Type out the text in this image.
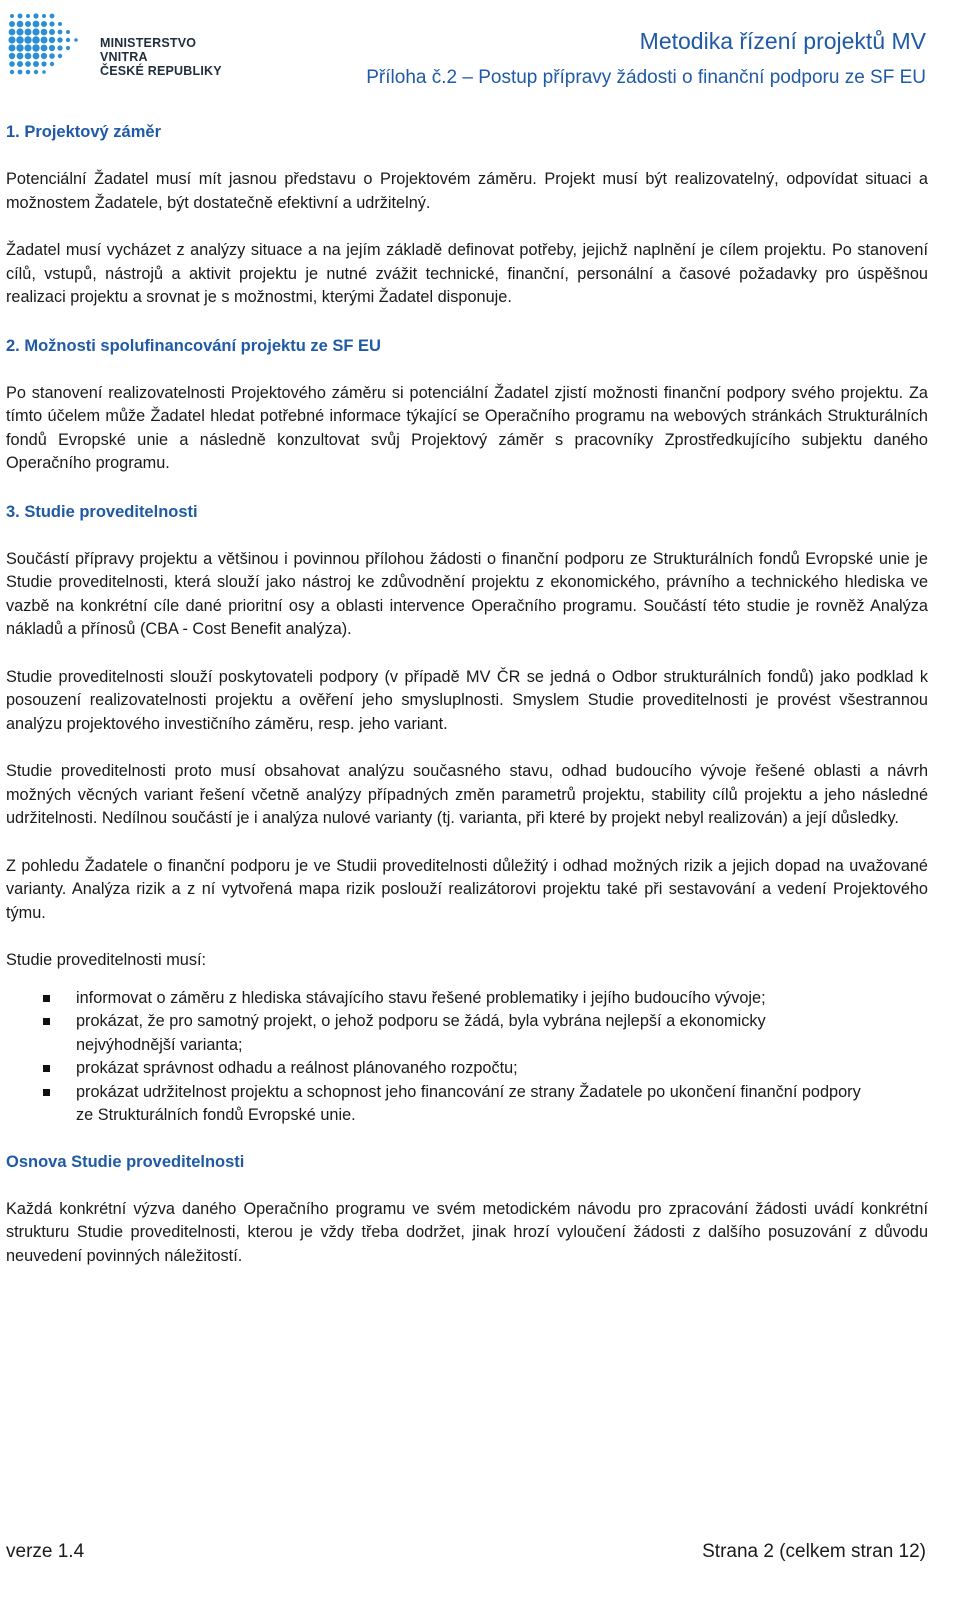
MINISTERSTVO VNITRA
ČESKÉ REPUBLIKY
Metodika řízení projektů MV
Příloha č.2 – Postup přípravy žádosti o finanční podporu ze SF EU
1. Projektový záměr

Potenciální Žadatel musí mít jasnou představu o Projektovém záměru. Projekt musí být realizovatelný, odpovídat situaci a možnostem Žadatele, být dostatečně efektivní a udržitelný.

Žadatel musí vycházet z analýzy situace a na jejím základě definovat potřeby, jejichž naplnění je cílem projektu. Po stanovení cílů, vstupů, nástrojů a aktivit projektu je nutné zvážit technické, finanční, personální a časové požadavky pro úspěšnou realizaci projektu a srovnat je s možnostmi, kterými Žadatel disponuje.

2. Možnosti spolufinancování projektu ze SF EU

Po stanovení realizovatelnosti Projektového záměru si potenciální Žadatel zjistí možnosti finanční podpory svého projektu. Za tímto účelem může Žadatel hledat potřebné informace týkající se Operačního programu na webových stránkách Strukturálních fondů Evropské unie a následně konzultovat svůj Projektový záměr s pracovníky Zprostředkujícího subjektu daného Operačního programu.

3. Studie proveditelnosti

Součástí přípravy projektu a většinou i povinnou přílohou žádosti o finanční podporu ze Strukturálních fondů Evropské unie je Studie proveditelnosti, která slouží jako nástroj ke zdůvodnění projektu z ekonomického, právního a technického hlediska ve vazbě na konkrétní cíle dané prioritní osy a oblasti intervence Operačního programu. Součástí této studie je rovněž Analýza nákladů a přínosů (CBA - Cost Benefit analýza).

Studie proveditelnosti slouží poskytovateli podpory (v případě MV ČR se jedná o Odbor strukturálních fondů) jako podklad k posouzení realizovatelnosti projektu a ověření jeho smysluplnosti. Smyslem Studie proveditelnosti je provést všestrannou analýzu projektového investičního záměru, resp. jeho variant.

Studie proveditelnosti proto musí obsahovat analýzu současného stavu, odhad budoucího vývoje řešené oblasti a návrh možných věcných variant řešení včetně analýzy případných změn parametrů projektu, stability cílů projektu a jeho následné udržitelnosti. Nedílnou součástí je i analýza nulové varianty (tj. varianta, při které by projekt nebyl realizován) a její důsledky.

Z pohledu Žadatele o finanční podporu je ve Studii proveditelnosti důležitý i odhad možných rizik a jejich dopad na uvažované varianty. Analýza rizik a z ní vytvořená mapa rizik poslouží realizátorovi projektu také při sestavování a vedení Projektového týmu.

Studie proveditelnosti musí:

informovat o záměru z hlediska stávajícího stavu řešené problematiky i jejího budoucího vývoje;
prokázat, že pro samotný projekt, o jehož podporu se žádá, byla vybrána nejlepší a ekonomicky nejvýhodnější varianta;
prokázat správnost odhadu a reálnost plánovaného rozpočtu;
prokázat udržitelnost projektu a schopnost jeho financování ze strany Žadatele po ukončení finanční podpory ze Strukturálních fondů Evropské unie.
Osnova Studie proveditelnosti

Každá konkrétní výzva daného Operačního programu ve svém metodickém návodu pro zpracování žádosti uvádí konkrétní strukturu Studie proveditelnosti, kterou je vždy třeba dodržet, jinak hrozí vyloučení žádosti z dalšího posuzování z důvodu neuvedení povinných náležitostí.

verze 1.4	Strana 2 (celkem stran 12)
